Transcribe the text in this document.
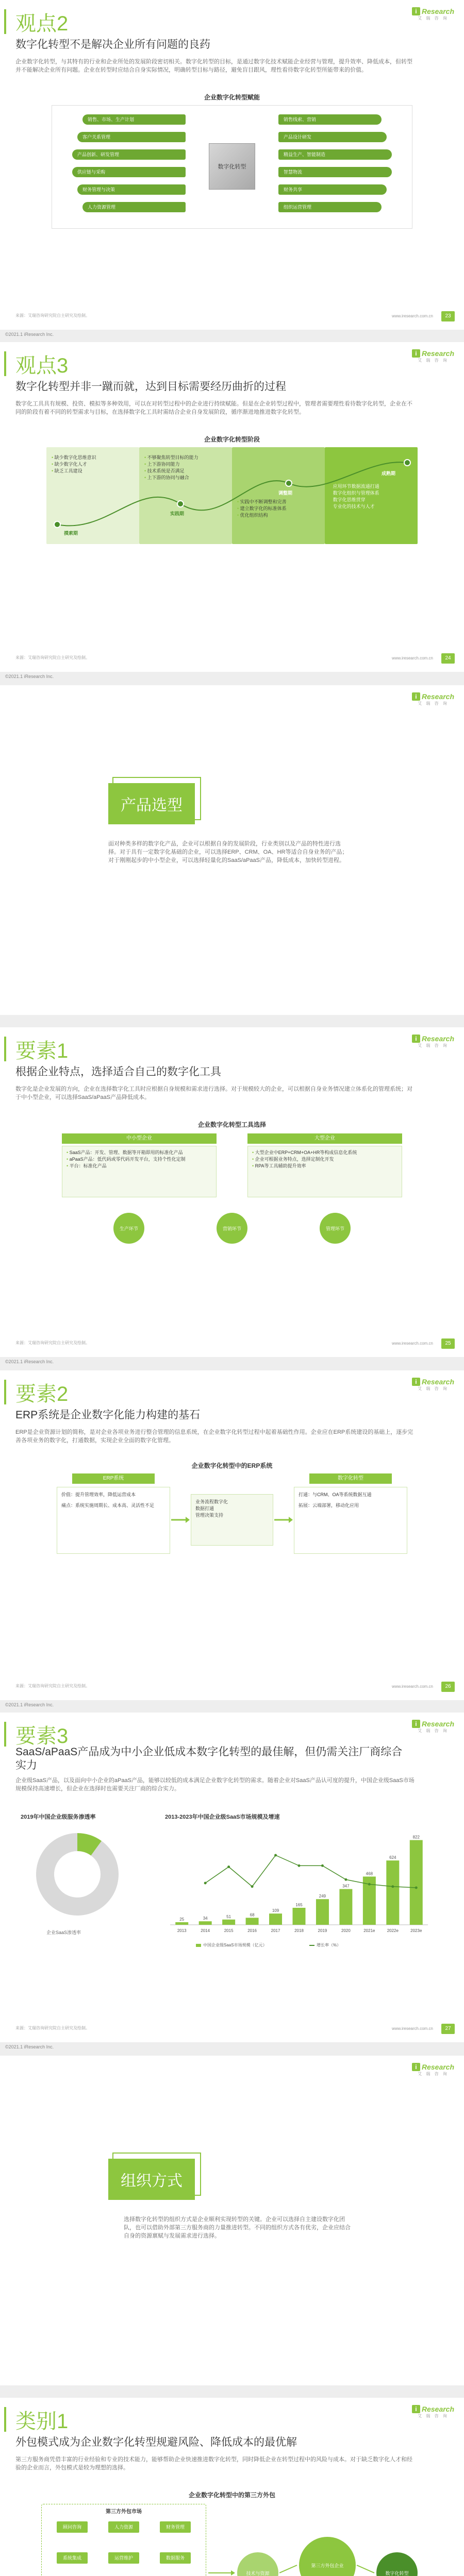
观点2
数字化转型不是解决企业所有问题的良药
i Research
艾 瑞 咨 询
企业数字化转型，与其特有的行业和企业所处的发展阶段密切相关。数字化转型的目标，是通过数字化技术赋能企业经营与管理，提升效率、降低成本，但转型并不能解决企业所有问题。企业在转型时应结合自身实际情况，明确转型目标与路径，避免盲目跟风，理性看待数字化转型所能带来的价值。
企业数字化转型赋能
销售、市场、生产计划
客户关系管理
产品创新、研发管理
供应链与采购
财务管理与决策
人力资源管理
数字化转型
销售线索、营销
产品设计研发
精益生产、智能制造
智慧物流
财务共享
组织运营管理
来源：艾瑞咨询研究院自主研究及绘制。	www.iresearch.com.cn	23
©2021.1 iResearch Inc.
观点3
数字化转型并非一蹴而就，达到目标需要经历曲折的过程
i Research
艾 瑞 咨 询
数字化工具具有规模、投资、模拟等多种效用，可以在对转型过程中的企业进行持续赋能。但是在企业转型过程中，管理者需要理性看待数字化转型，企业在不同的阶段有着不同的转型需求与目标，在选择数字化工具时需结合企业自身发展阶段，循序渐进地推进数字化转型。
企业数字化转型阶段
摸索期
实践期
调整期
成熟期
• 缺少数字化思维意识
• 缺少数字化人才
• 缺乏工具建设
• 不够聚焦转型目标的能力
• 上下游协同能力
• 技术系统是否满足
• 上下游的协同与融合
• 实践中不断调整和完善
• 建立数字化的标准体系
• 优化组织结构
• 应用环节数据流通打通
• 数字化组织与管理体系
• 数字化思维贯穿
• 专业化的技术与人才
来源：艾瑞咨询研究院自主研究及绘制。	www.iresearch.com.cn	24
©2021.1 iResearch Inc.
i Research
艾 瑞 咨 询
产品选型
面对种类多样的数字化产品，企业可以根据自身的发展阶段，行业类别以及产品的特性进行选择。对于具有一定数字化基础的企业，可以选择ERP、CRM、OA、HR等适合自身业务的产品；对于刚刚起步的中小型企业，可以选择轻量化的SaaS/aPaaS产品，降低成本，加快转型进程。
要素1
根据企业特点，选择适合自己的数字化工具
i Research
艾 瑞 咨 询
数字化是企业发展的方向，企业在选择数字化工具时应根据自身规模和需求进行选择。对于规模较大的企业，可以根据自身业务情况建立体系化的管理系统；对于中小型企业，可以选择SaaS/aPaaS产品降低成本。
企业数字化转型工具选择
中小型企业	大型企业
• SaaS产品：开发、管理、数据等开箱即用的标准化产品
• aPaaS产品：低代码或零代码开发平台，支持个性化定制
• 平台：标准化产品
• 大型企业中ERP+CRM+OA+HR等构成信息化系统
• 企业可根据业务特点，选择定制化开发
• RPA等工具辅助提升效率
生产环节	营销环节	管理环节
来源：艾瑞咨询研究院自主研究及绘制。	www.iresearch.com.cn	25
©2021.1 iResearch Inc.
要素2
ERP系统是企业数字化能力构建的基石
i Research
艾 瑞 咨 询
ERP是企业资源计划的简称，是对企业各项业务进行整合管理的信息系统，在企业数字化转型过程中起着基础性作用。企业应在ERP系统建设的基础上，逐步完善各项业务的数字化，打通数据，实现企业全面的数字化管理。
企业数字化转型中的ERP系统
ERP系统	数字化转型
价值：提升管理效率，降低运营成本
痛点：系统实施周期长、成本高、灵活性不足
业务流程数字化
数据打通
管理决策支持
打通：与CRM、OA等系统数据互通
拓展：云端部署，移动化应用
来源：艾瑞咨询研究院自主研究及绘制。	www.iresearch.com.cn	26
©2021.1 iResearch Inc.
要素3
SaaS/aPaaS产品成为中小企业低成本数字化转型的最佳解，但仍需关注厂商综合实力
i Research
艾 瑞 咨 询
企业级SaaS产品，以及面向中小企业的aPaaS产品，能够以较低的成本满足企业数字化转型的需求。随着企业对SaaS产品认可度的提升，中国企业级SaaS市场规模保持高速增长，但企业在选择时也需要关注厂商的综合实力。
2019年中国企业级服务渗透率
企业SaaS渗透率
2013-2023年中国企业级SaaS市场规模及增速
25
2013
34
2014
51
2015
68
2016
109
2017
165
2018
249
2019
347
2020
468
2021e
624
2022e
822
2023e
中国企业级SaaS市场规模（亿元）	增长率（%）
来源：艾瑞咨询研究院自主研究及绘制。	www.iresearch.com.cn	27
©2021.1 iResearch Inc.
i Research
艾 瑞 咨 询
组织方式
选择数字化转型的组织方式是企业顺利实现转型的关键。企业可以选择自主建设数字化团队，也可以借助外部第三方服务商的力量推进转型。不同的组织方式各有优劣，企业应结合自身的资源禀赋与发展需求进行选择。
类别1
外包模式成为企业数字化转型规避风险、降低成本的最优解
i Research
艾 瑞 咨 询
第三方服务商凭借丰富的行业经验和专业的技术能力，能够帮助企业快速推进数字化转型，同时降低企业在转型过程中的风险与成本。对于缺乏数字化人才和经验的企业而言，外包模式是较为理想的选择。
企业数字化转型中的第三方外包
第三方外包市场
顾问咨询	人力资源	财务管理
系统集成	运营维护	数据服务
技术与资源
第三方外包企业
数字化转型
